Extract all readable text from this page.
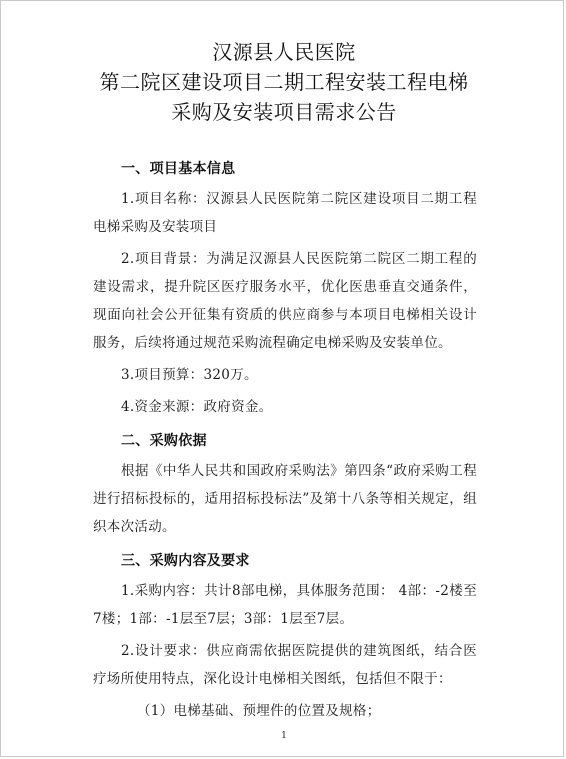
汉源县人民医院
第二院区建设项目二期工程安装工程电梯
采购及安装项目需求公告
一、项目基本信息

1.项目名称：汉源县人民医院第二院区建设项目二期工程电梯采购及安装项目

2.项目背景：为满足汉源县人民医院第二院区二期工程的建设需求，提升院区医疗服务水平，优化医患垂直交通条件，现面向社会公开征集有资质的供应商参与本项目电梯相关设计服务，后续将通过规范采购流程确定电梯采购及安装单位。

3.项目预算：320万。

4.资金来源：政府资金。

二、采购依据

根据《中华人民共和国政府采购法》第四条“政府采购工程进行招标投标的，适用招标投标法”及第十八条等相关规定，组织本次活动。

三、采购内容及要求

1.采购内容：共计8部电梯，具体服务范围： 4部：-2楼至7楼；1部：-1层至7层；3部：1层至7层。

2.设计要求：供应商需依据医院提供的建筑图纸，结合医疗场所使用特点，深化设计电梯相关图纸，包括但不限于：

（1）电梯基础、预埋件的位置及规格；

1
